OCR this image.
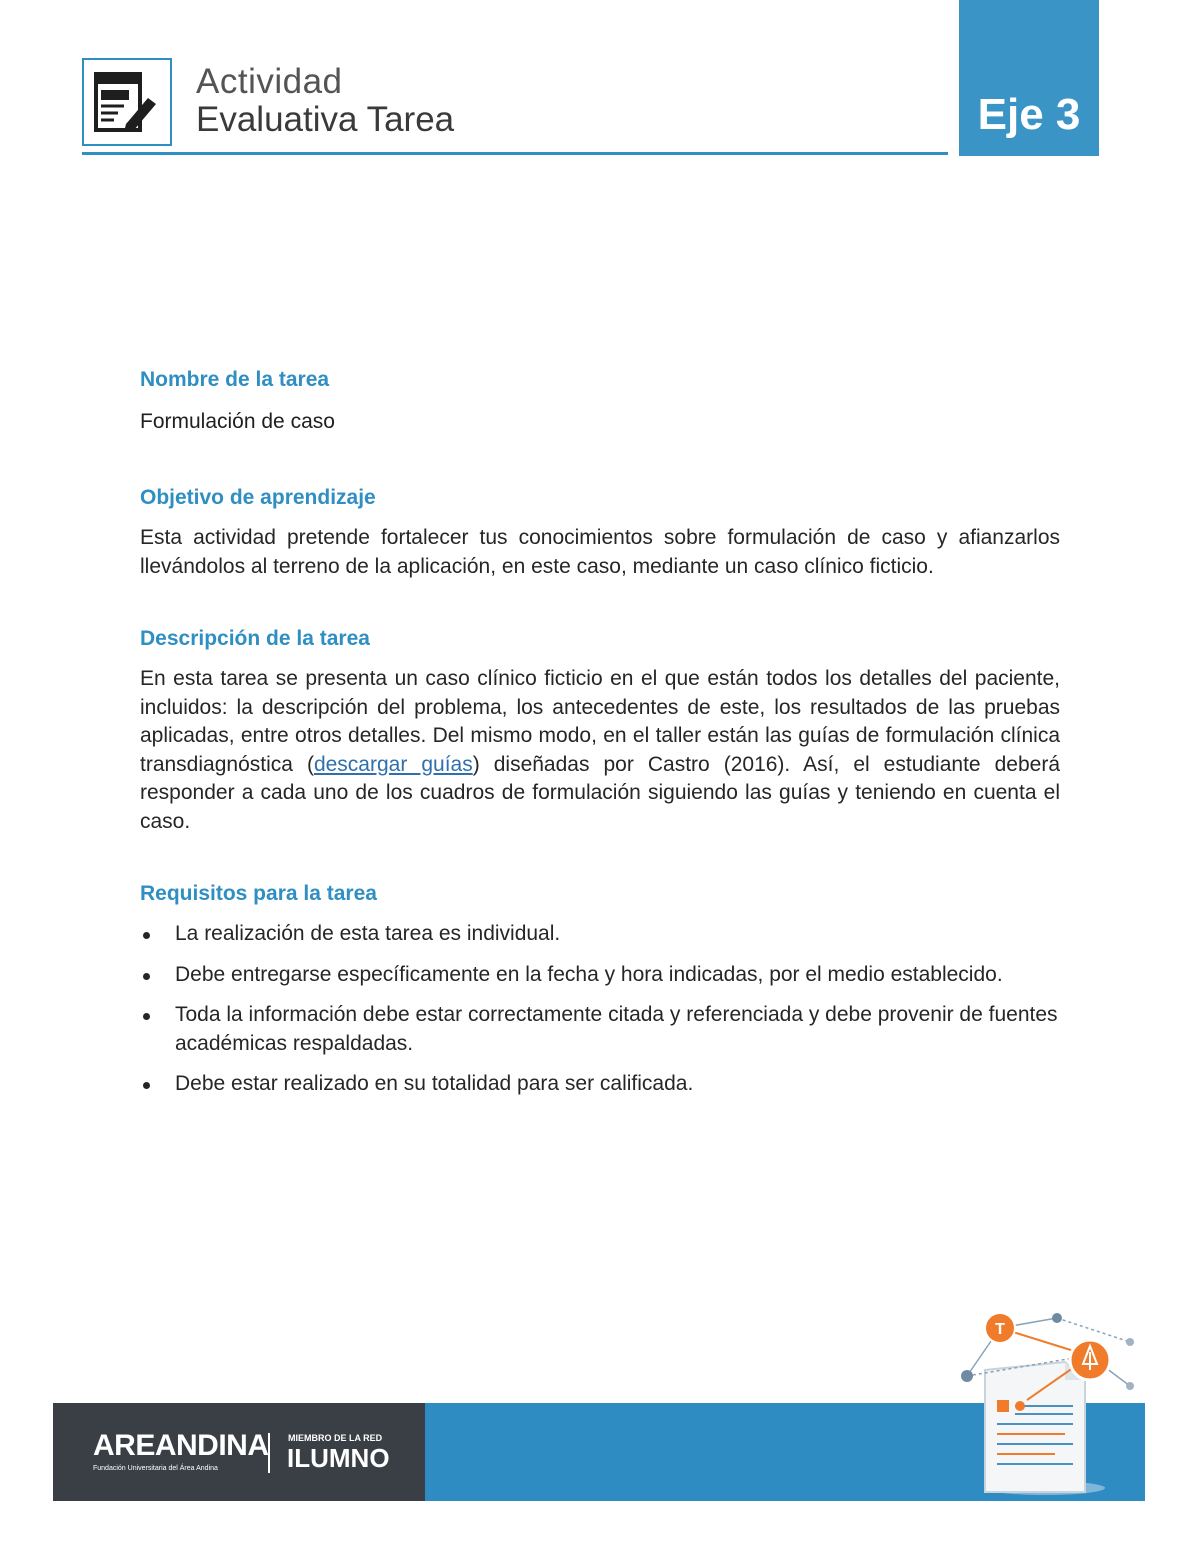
Actividad
Evaluativa Tarea	Eje 3
Nombre de la tarea

Formulación de caso

Objetivo de aprendizaje

Esta actividad pretende fortalecer tus conocimientos sobre formulación de caso y afianzarlos llevándolos al terreno de la aplicación, en este caso, mediante un caso clínico ficticio.

Descripción de la tarea

En esta tarea se presenta un caso clínico ficticio en el que están todos los detalles del paciente, incluidos: la descripción del problema, los antecedentes de este, los resultados de las pruebas aplicadas, entre otros detalles. Del mismo modo, en el taller están las guías de formulación clínica transdiagnóstica (descargar guías) diseñadas por Castro (2016). Así, el estudiante deberá responder a cada uno de los cuadros de formulación siguiendo las guías y teniendo en cuenta el caso.

Requisitos para la tarea
La realización de esta tarea es individual.
Debe entregarse específicamente en la fecha y hora indicadas, por el medio establecido.
Toda la información debe estar correctamente citada y referenciada y debe provenir de fuentes académicas respaldadas.
Debe estar realizado en su totalidad para ser calificada.
AREANDINA
Fundación Universitaria del Área Andina
MIEMBRO DE LA RED
ILUMNO
T
